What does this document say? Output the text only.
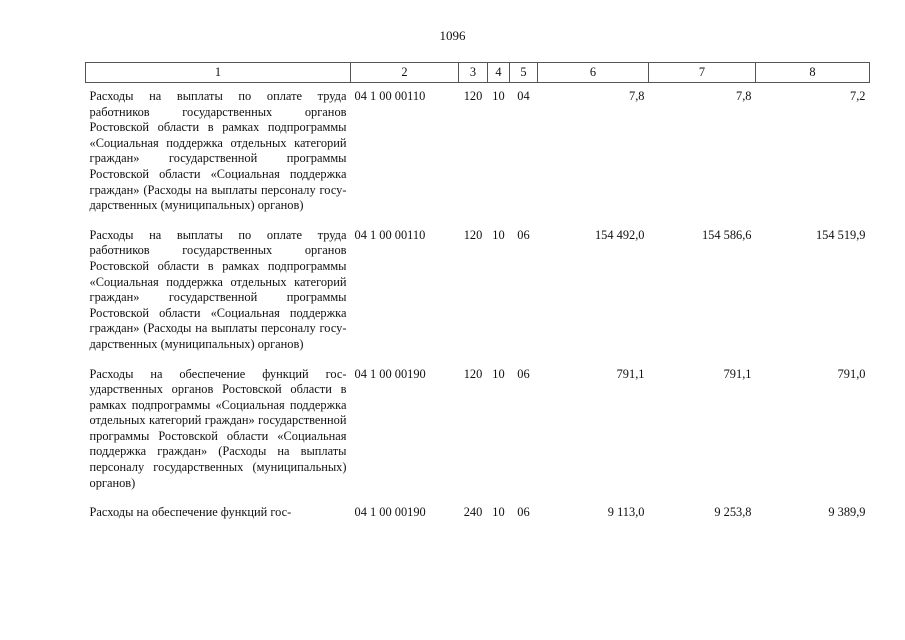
1096
1	2	3	4	5	6	7	8
Расходы на выплаты по оплате труда работников государственных органов Ростовской области в рамках подпрограммы «Социальная поддержка отдельных категорий граждан» государственной программы Ростовской области «Социальная поддержка граждан» (Расходы на выплаты персоналу государственных (муниципальных) органов)	04 1 00 00110	120	10	04	7,8	7,8	7,2
Расходы на выплаты по оплате труда работников государственных органов Ростовской области в рамках подпрограммы «Социальная поддержка отдельных категорий граждан» государственной программы Ростовской области «Социальная поддержка граждан» (Расходы на выплаты персоналу государственных (муниципальных) органов)	04 1 00 00110	120	10	06	154 492,0	154 586,6	154 519,9
Расходы на обеспечение функций государственных органов Ростовской области в рамках подпрограммы «Социальная поддержка отдельных категорий граждан» государственной программы Ростовской области «Социальная поддержка граждан» (Расходы на выплаты персоналу государственных (муниципальных) органов)	04 1 00 00190	120	10	06	791,1	791,1	791,0
Расходы на обеспечение функций гос-	04 1 00 00190	240	10	06	9 113,0	9 253,8	9 389,9
